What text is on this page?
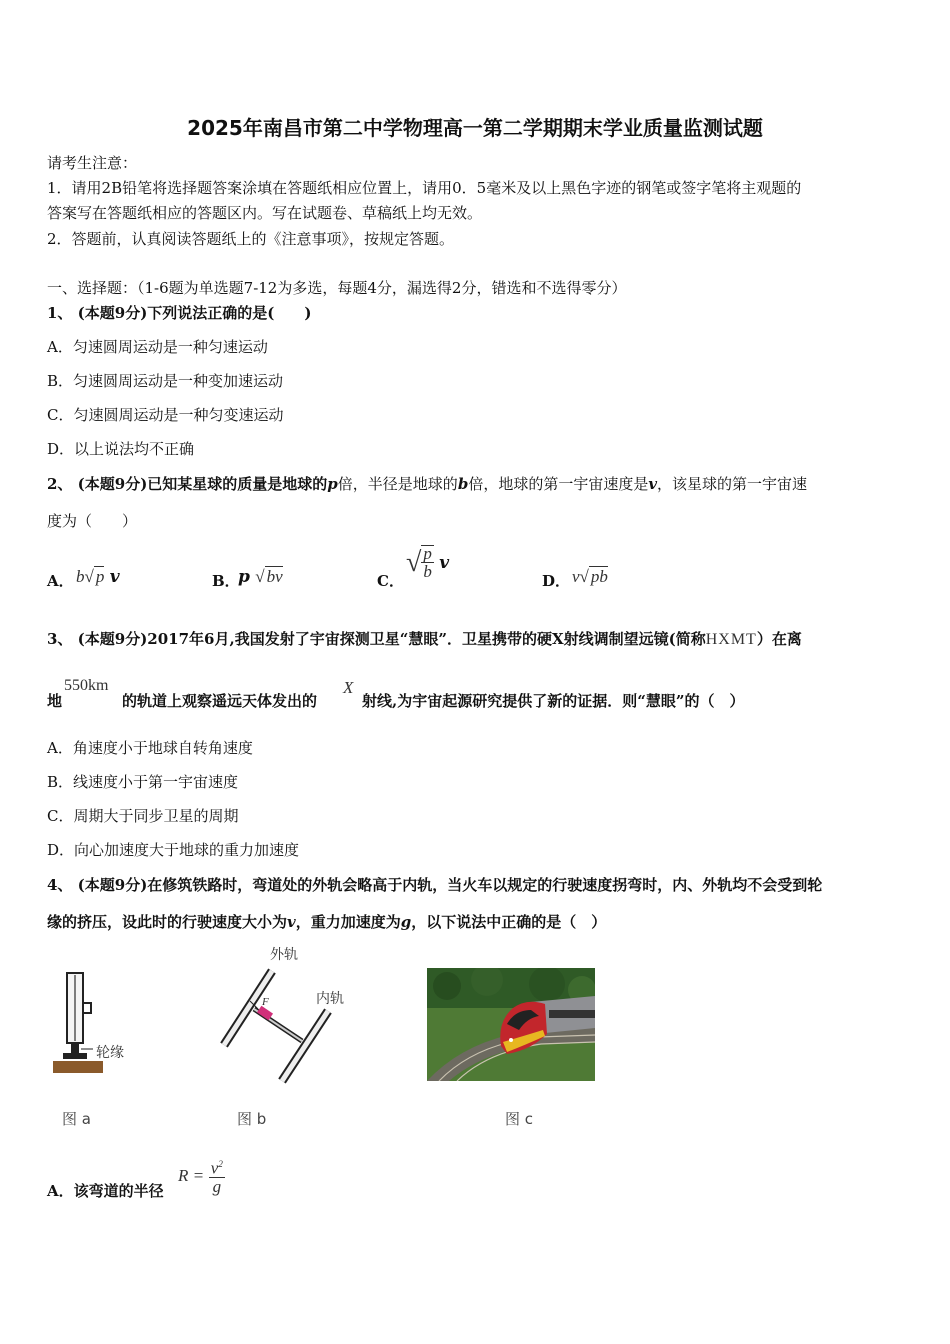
2025年南昌市第二中学物理高一第二学期期末学业质量监测试题
请考生注意：
1．请用2B铅笔将选择题答案涂填在答题纸相应位置上，请用0．5毫米及以上黑色字迹的钢笔或签字笔将主观题的
答案写在答题纸相应的答题区内。写在试题卷、草稿纸上均无效。
2．答题前，认真阅读答题纸上的《注意事项》，按规定答题。
一、选择题：（1-6题为单选题7-12为多选，每题4分，漏选得2分，错选和不选得零分）
1、 (本题9分)下列说法正确的是(　　)
A．匀速圆周运动是一种匀速运动
B．匀速圆周运动是一种变加速运动
C．匀速圆周运动是一种匀变速运动
D．以上说法均不正确
2、 (本题9分)已知某星球的质量是地球的p倍，半径是地球的b倍，地球的第一宇宙速度是v，该星球的第一宇宙速
度为（　　）
A． b√ p v	B．
p √ bv	C．
√ $\frac{p}{b}$ v
D． v√ pb
3、 (本题9分)2017年6月,我国发射了宇宙探测卫星“慧眼”．卫星携带的硬X射线调制望远镜(简称HXMT）在离
地
550km
的轨道上观察遥远天体发出的
X
射线,为宇宙起源研究提供了新的证据．则“慧眼”的（　）
A．角速度小于地球自转角速度
B．线速度小于第一宇宙速度
C．周期大于同步卫星的周期
D．向心加速度大于地球的重力加速度
4、 (本题9分)在修筑铁路时，弯道处的外轨会略高于内轨，当火车以规定的行驶速度拐弯时，内、外轨均不会受到轮
缘的挤压，设此时的行驶速度大小为v，重力加速度为g，以下说法中正确的是（　）
轮缘
外轨
内轨
F
图 a	图 b	图 c
A．该弯道的半径
$R = \frac{v^2}{g}$
